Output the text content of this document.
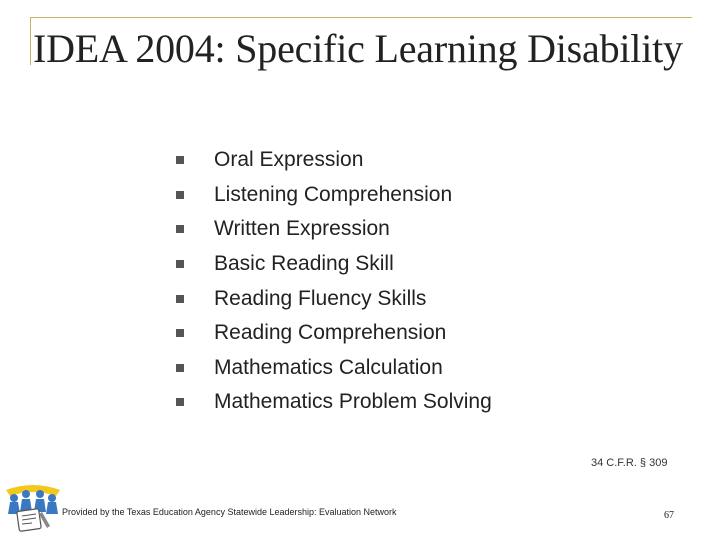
IDEA 2004: Specific Learning Disability
Oral Expression
Listening Comprehension
Written Expression
Basic Reading Skill
Reading Fluency Skills
Reading Comprehension
Mathematics Calculation
Mathematics Problem Solving
34 C.F.R. § 309
Provided by the Texas Education Agency Statewide Leadership: Evaluation Network	67
